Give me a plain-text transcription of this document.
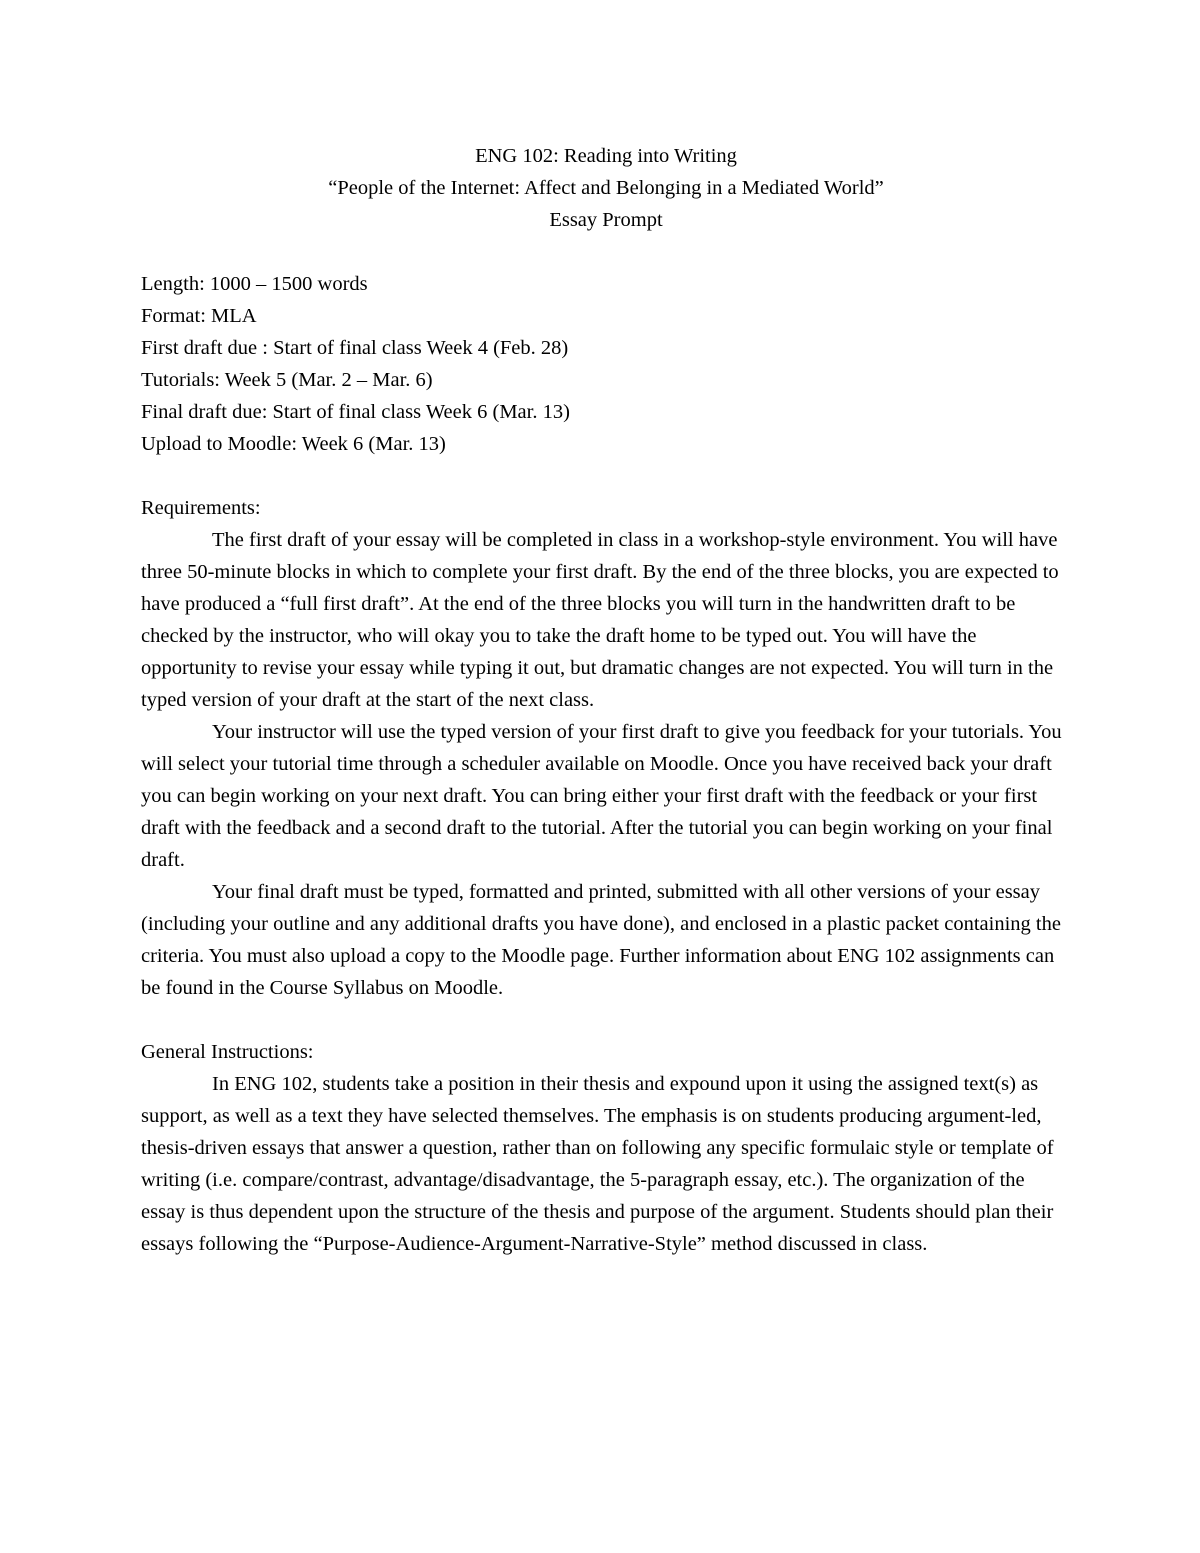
ENG 102: Reading into Writing
“People of the Internet: Affect and Belonging in a Mediated World”
Essay Prompt
Length: 1000 – 1500 words
Format: MLA
First draft due : Start of final class Week 4 (Feb. 28)
Tutorials: Week 5 (Mar. 2 – Mar. 6)
Final draft due: Start of final class Week 6 (Mar. 13)
Upload to Moodle: Week 6 (Mar. 13)
Requirements:

The first draft of your essay will be completed in class in a workshop-style environment. You will have three 50-minute blocks in which to complete your first draft. By the end of the three blocks, you are expected to have produced a “full first draft”. At the end of the three blocks you will turn in the handwritten draft to be checked by the instructor, who will okay you to take the draft home to be typed out. You will have the opportunity to revise your essay while typing it out, but dramatic changes are not expected. You will turn in the typed version of your draft at the start of the next class.

Your instructor will use the typed version of your first draft to give you feedback for your tutorials. You will select your tutorial time through a scheduler available on Moodle. Once you have received back your draft you can begin working on your next draft. You can bring either your first draft with the feedback or your first draft with the feedback and a second draft to the tutorial. After the tutorial you can begin working on your final draft.

Your final draft must be typed, formatted and printed, submitted with all other versions of your essay (including your outline and any additional drafts you have done), and enclosed in a plastic packet containing the criteria. You must also upload a copy to the Moodle page. Further information about ENG 102 assignments can be found in the Course Syllabus on Moodle.

General Instructions:

In ENG 102, students take a position in their thesis and expound upon it using the assigned text(s) as support, as well as a text they have selected themselves. The emphasis is on students producing argument-led, thesis-driven essays that answer a question, rather than on following any specific formulaic style or template of writing (i.e. compare/contrast, advantage/disadvantage, the 5-paragraph essay, etc.). The organization of the essay is thus dependent upon the structure of the thesis and purpose of the argument. Students should plan their essays following the “Purpose-Audience-Argument-Narrative-Style” method discussed in class.
